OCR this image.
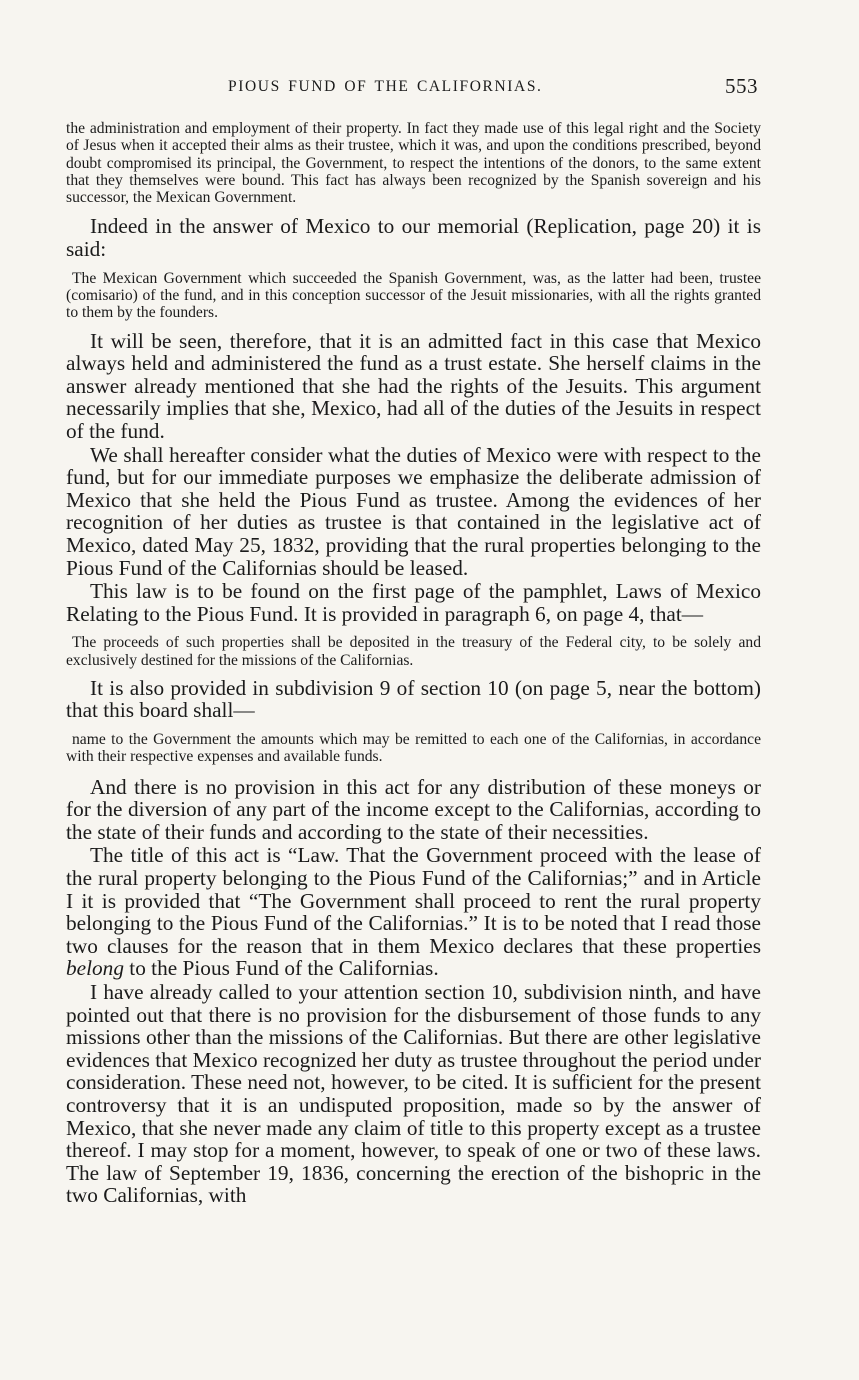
PIOUS FUND OF THE CALIFORNIAS.	553

the administration and employment of their property. In fact they made use of this legal right and the Society of Jesus when it accepted their alms as their trustee, which it was, and upon the conditions prescribed, beyond doubt compromised its principal, the Government, to respect the intentions of the donors, to the same extent that they themselves were bound. This fact has always been recognized by the Spanish sovereign and his successor, the Mexican Government.

Indeed in the answer of Mexico to our memorial (Replication, page 20) it is said:

The Mexican Government which succeeded the Spanish Government, was, as the latter had been, trustee (comisario) of the fund, and in this conception successor of the Jesuit missionaries, with all the rights granted to them by the founders.

It will be seen, therefore, that it is an admitted fact in this case that Mexico always held and administered the fund as a trust estate. She herself claims in the answer already mentioned that she had the rights of the Jesuits. This argument necessarily implies that she, Mexico, had all of the duties of the Jesuits in respect of the fund.

We shall hereafter consider what the duties of Mexico were with respect to the fund, but for our immediate purposes we emphasize the deliberate admission of Mexico that she held the Pious Fund as trustee. Among the evidences of her recognition of her duties as trustee is that contained in the legislative act of Mexico, dated May 25, 1832, providing that the rural properties belonging to the Pious Fund of the Californias should be leased.

This law is to be found on the first page of the pamphlet, Laws of Mexico Relating to the Pious Fund. It is provided in paragraph 6, on page 4, that—

The proceeds of such properties shall be deposited in the treasury of the Federal city, to be solely and exclusively destined for the missions of the Californias.

It is also provided in subdivision 9 of section 10 (on page 5, near the bottom) that this board shall—

name to the Government the amounts which may be remitted to each one of the Californias, in accordance with their respective expenses and available funds.

And there is no provision in this act for any distribution of these moneys or for the diversion of any part of the income except to the Californias, according to the state of their funds and according to the state of their necessities.

The title of this act is “Law. That the Government proceed with the lease of the rural property belonging to the Pious Fund of the Californias;” and in Article I it is provided that “The Government shall proceed to rent the rural property belonging to the Pious Fund of the Californias.” It is to be noted that I read those two clauses for the reason that in them Mexico declares that these properties belong to the Pious Fund of the Californias.

I have already called to your attention section 10, subdivision ninth, and have pointed out that there is no provision for the disbursement of those funds to any missions other than the missions of the Californias. But there are other legislative evidences that Mexico recognized her duty as trustee throughout the period under consideration. These need not, however, to be cited. It is sufficient for the present controversy that it is an undisputed proposition, made so by the answer of Mexico, that she never made any claim of title to this property except as a trustee thereof. I may stop for a moment, however, to speak of one or two of these laws. The law of September 19, 1836, concerning the erection of the bishopric in the two Californias, with
